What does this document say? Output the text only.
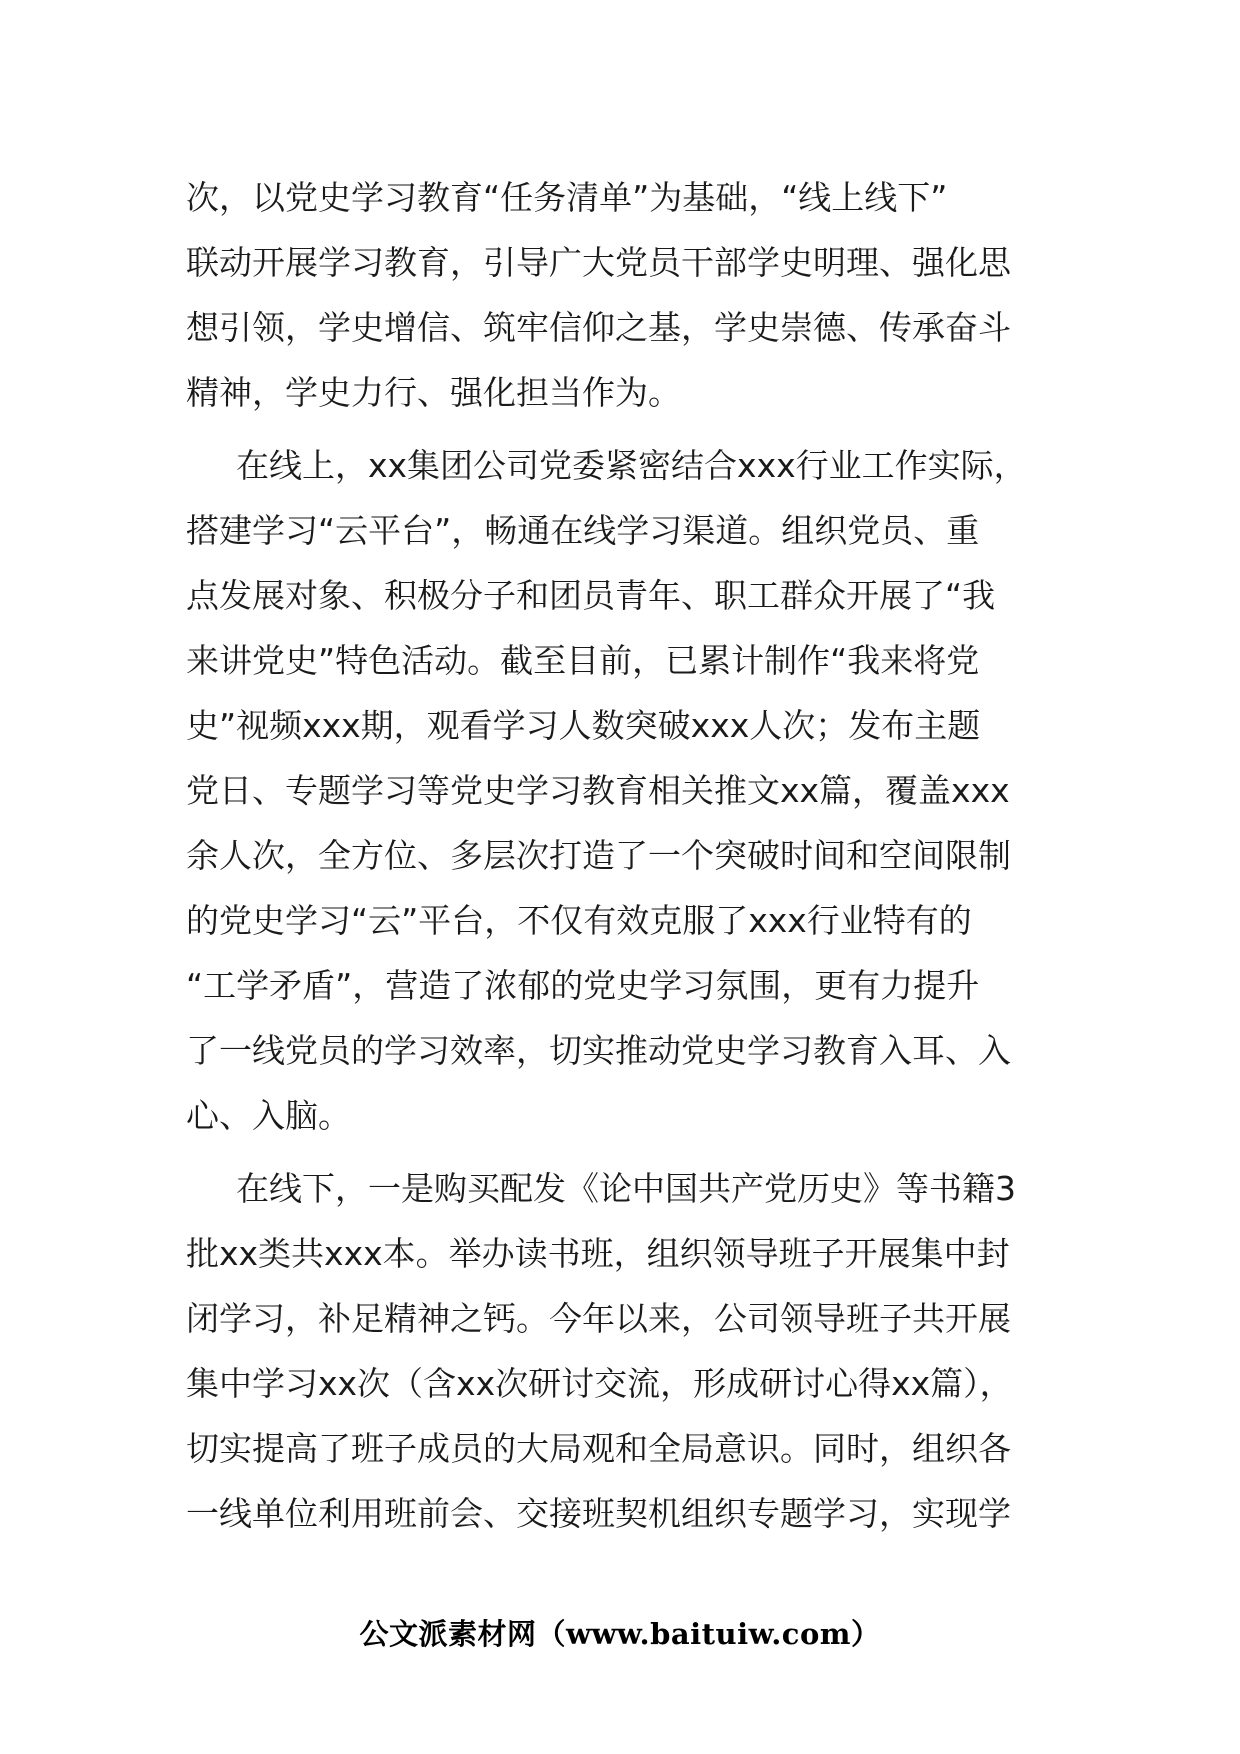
次，以党史学习教育“任务清单”为基础，“线上线下”
联动开展学习教育，引导广大党员干部学史明理、强化思
想引领，学史增信、筑牢信仰之基，学史崇德、传承奋斗
精神，学史力行、强化担当作为。

在线上，xx集团公司党委紧密结合xxx行业工作实际，
搭建学习“云平台”，畅通在线学习渠道。组织党员、重
点发展对象、积极分子和团员青年、职工群众开展了“我
来讲党史”特色活动。截至目前，已累计制作“我来将党
史”视频xxx期，观看学习人数突破xxx人次；发布主题
党日、专题学习等党史学习教育相关推文xx篇，覆盖xxx
余人次，全方位、多层次打造了一个突破时间和空间限制
的党史学习“云”平台，不仅有效克服了xxx行业特有的
“工学矛盾”，营造了浓郁的党史学习氛围，更有力提升
了一线党员的学习效率，切实推动党史学习教育入耳、入
心、入脑。

在线下，一是购买配发《论中国共产党历史》等书籍3
批xx类共xxx本。举办读书班，组织领导班子开展集中封
闭学习，补足精神之钙。今年以来，公司领导班子共开展
集中学习xx次（含xx次研讨交流，形成研讨心得xx篇），
切实提高了班子成员的大局观和全局意识。同时，组织各
一线单位利用班前会、交接班契机组织专题学习，实现学

公文派素材网（www.baituiw.com）
